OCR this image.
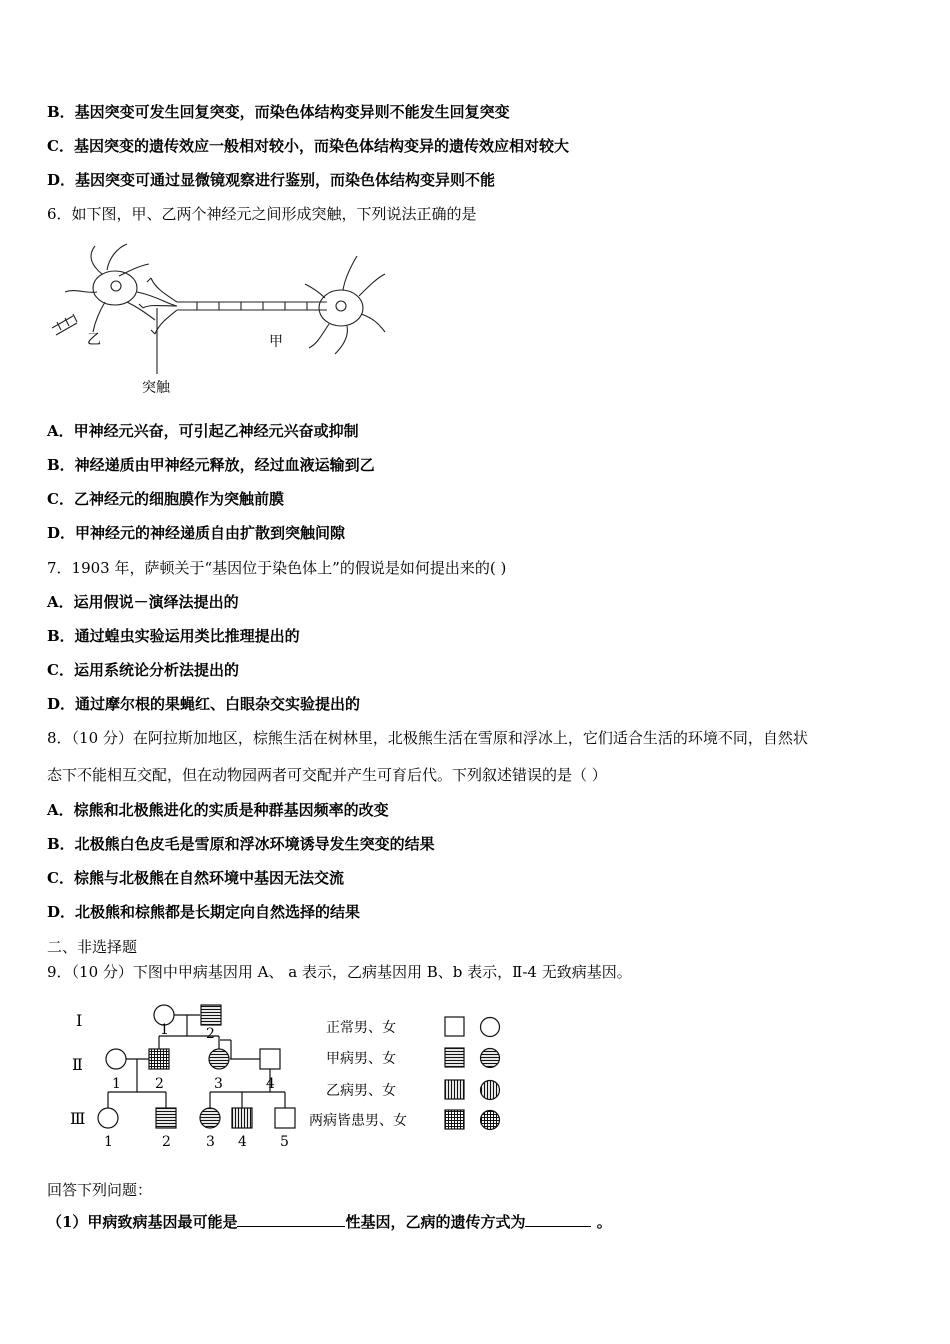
B．基因突变可发生回复突变，而染色体结构变异则不能发生回复突变
C．基因突变的遗传效应一般相对较小，而染色体结构变异的遗传效应相对较大
D．基因突变可通过显微镜观察进行鉴别，而染色体结构变异则不能
6．如下图，甲、乙两个神经元之间形成突触，下列说法正确的是
乙	甲
突触
A．甲神经元兴奋，可引起乙神经元兴奋或抑制
B．神经递质由甲神经元释放，经过血液运输到乙
C．乙神经元的细胞膜作为突触前膜
D．甲神经元的神经递质自由扩散到突触间隙
7．1903 年，萨顿关于“基因位于染色体上”的假说是如何提出来的( )
A．运用假说－演绎法提出的
B．通过蝗虫实验运用类比推理提出的
C．运用系统论分析法提出的
D．通过摩尔根的果蝇红、白眼杂交实验提出的
8．（10 分）在阿拉斯加地区，棕熊生活在树林里，北极熊生活在雪原和浮冰上，它们适合生活的环境不同，自然状
态下不能相互交配，但在动物园两者可交配并产生可育后代。下列叙述错误的是（ ）
A．棕熊和北极熊进化的实质是种群基因频率的改变
B．北极熊白色皮毛是雪原和浮冰环境诱导发生突变的结果
C．棕熊与北极熊在自然环境中基因无法交流
D．北极熊和棕熊都是长期定向自然选择的结果
二、非选择题
9．（10 分）下图中甲病基因用 A、 a 表示，乙病基因用 B、b 表示，Ⅱ-4 无致病基因。
Ⅰ
Ⅱ
Ⅲ
1	2
1 2	3	4
1	2	3 4 5
正常男、女
甲病男、女
乙病男、女
两病皆患男、女
回答下列问题：
（1）甲病致病基因最可能是	性基因，乙病的遗传方式为	。
